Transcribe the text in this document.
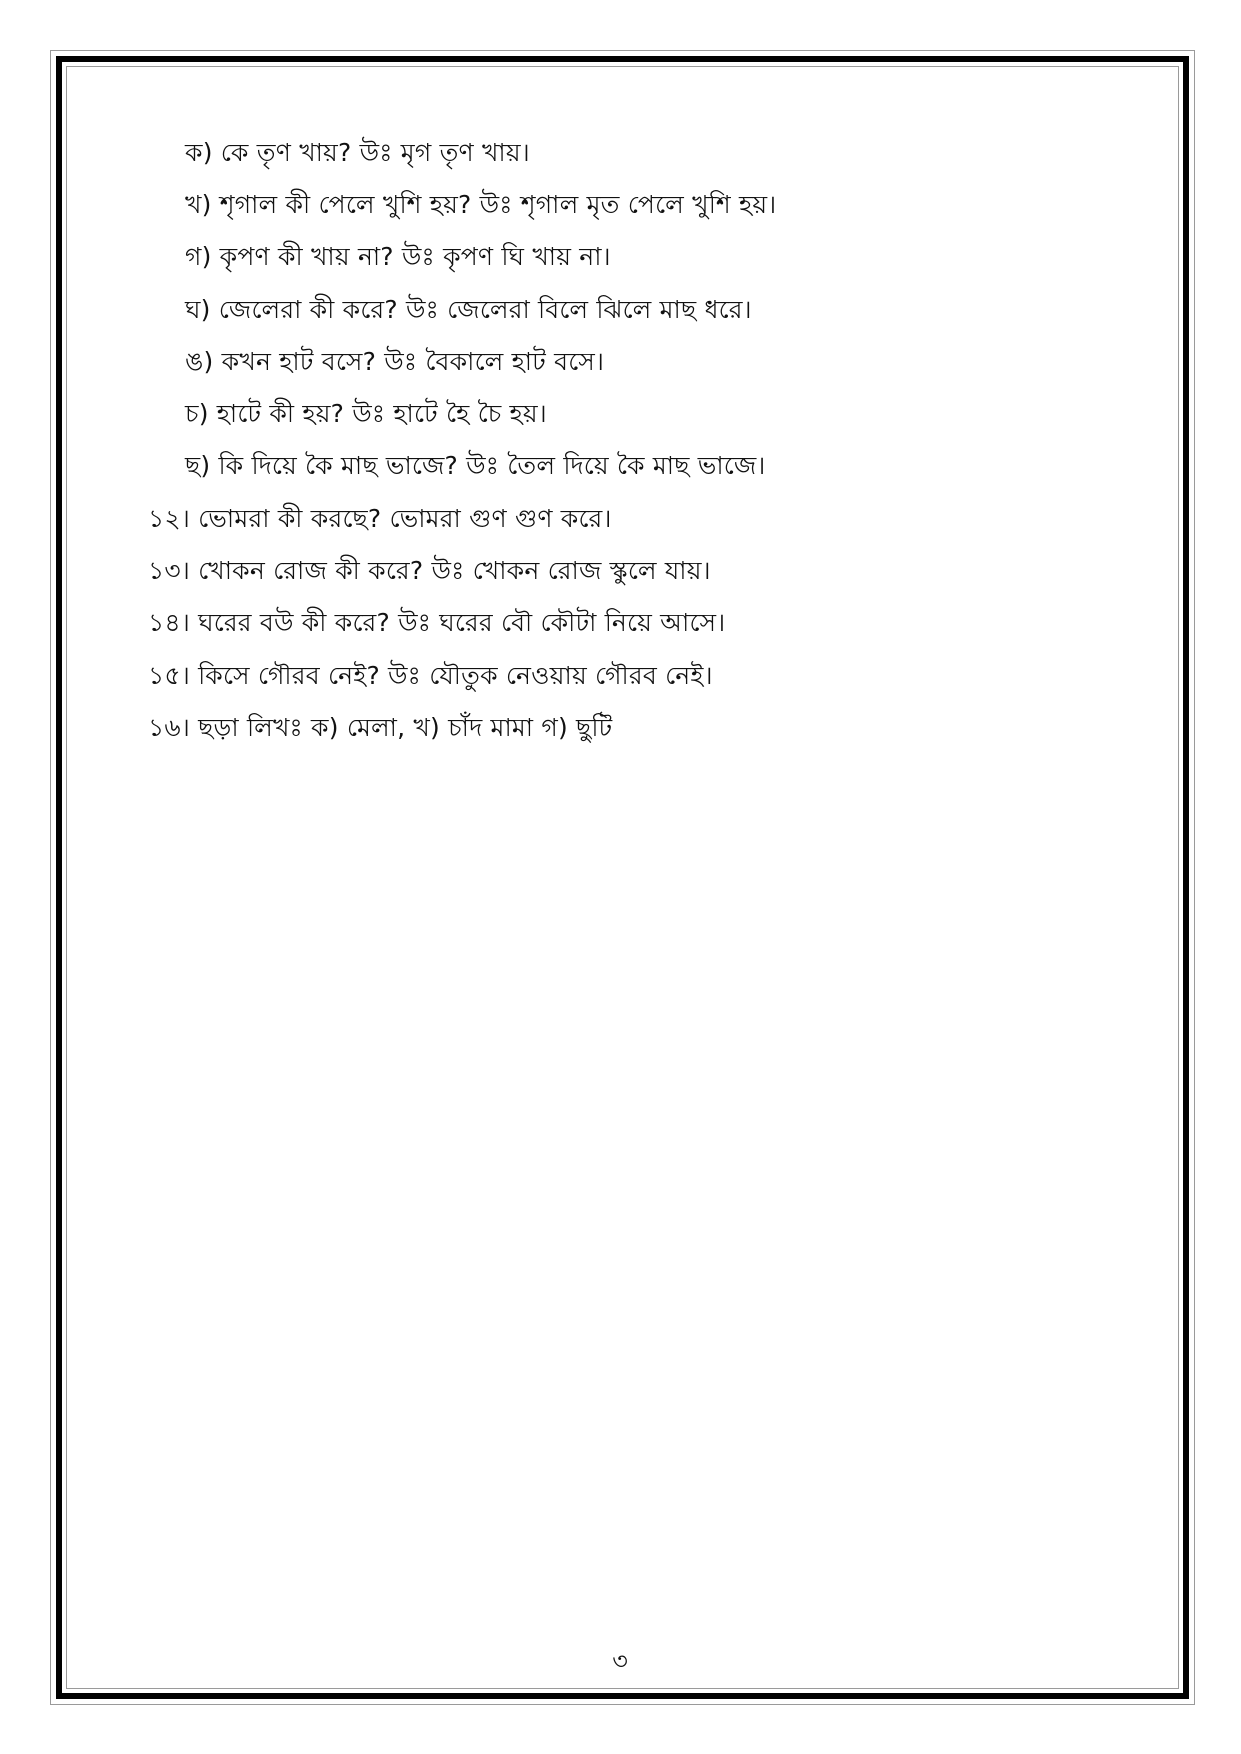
ক) কে তৃণ খায়? উঃ মৃগ তৃণ খায়।
খ) শৃগাল কী পেলে খুশি হয়? উঃ শৃগাল মৃত পেলে খুশি হয়।
গ) কৃপণ কী খায় না? উঃ কৃপণ ঘি খায় না।
ঘ) জেলেরা কী করে? উঃ জেলেরা বিলে ঝিলে মাছ ধরে।
ঙ) কখন হাট বসে? উঃ বৈকালে হাট বসে।
চ) হাটে কী হয়? উঃ হাটে হৈ চৈ হয়।
ছ) কি দিয়ে কৈ মাছ ভাজে? উঃ তৈল দিয়ে কৈ মাছ ভাজে।
১২। ভোমরা কী করছে? ভোমরা গুণ গুণ করে।
১৩। খোকন রোজ কী করে? উঃ খোকন রোজ স্কুলে যায়।
১৪। ঘরের বউ কী করে? উঃ ঘরের বৌ কৌটা নিয়ে আসে।
১৫। কিসে গৌরব নেই? উঃ যৌতুক নেওয়ায় গৌরব নেই।
১৬। ছড়া লিখঃ ক) মেলা, খ) চাঁদ মামা গ) ছুটি
৩
